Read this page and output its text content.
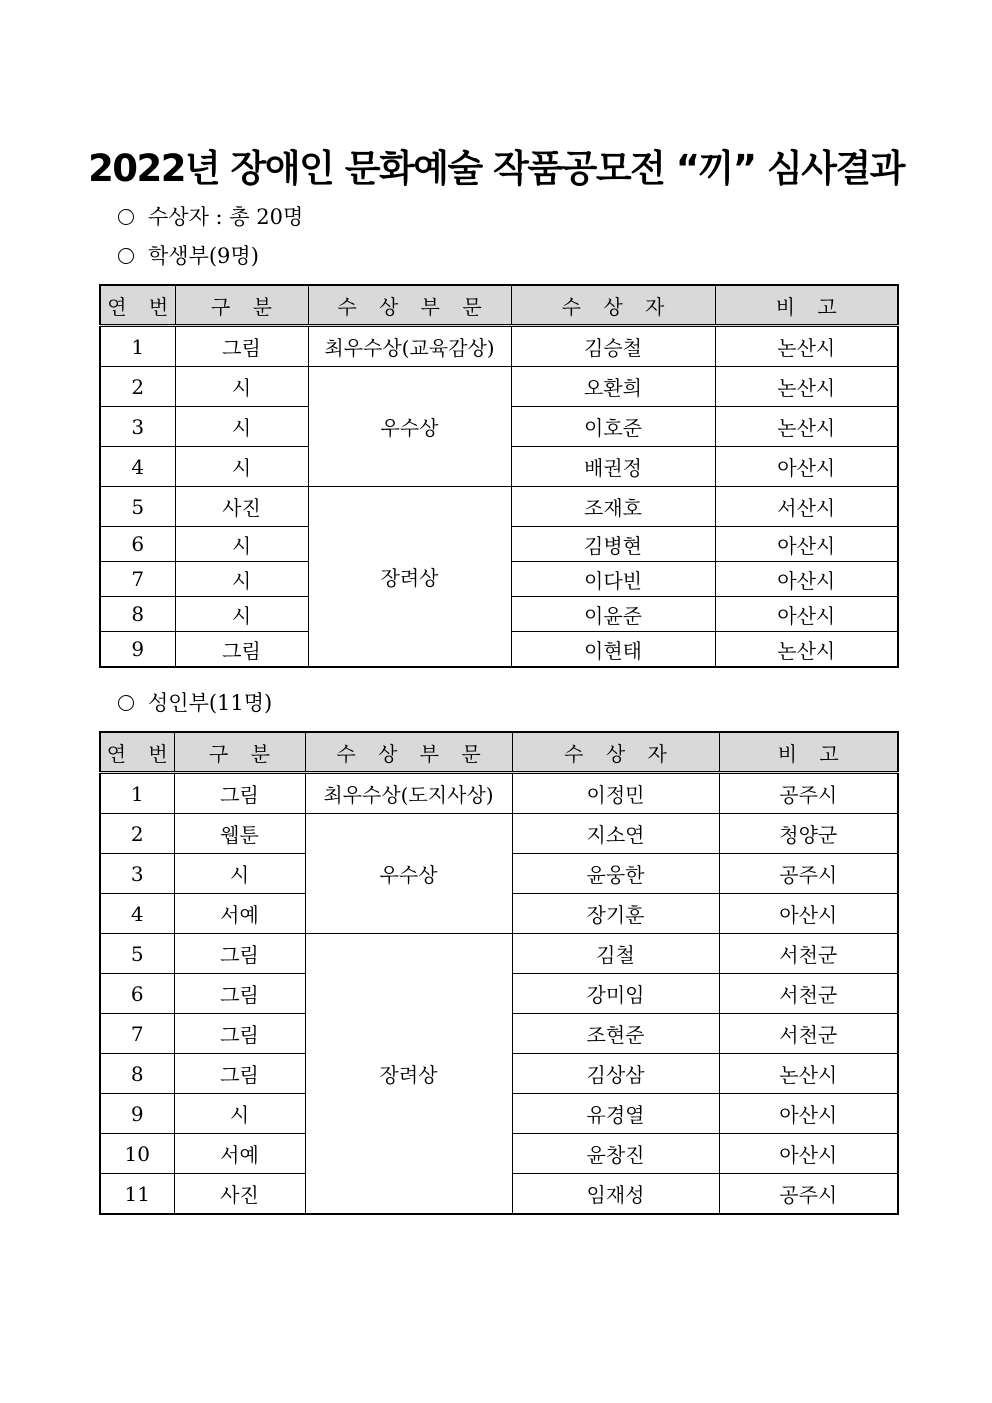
2022년 장애인 문화예술 작품공모전 “끼” 심사결과
수상자 : 총 20명
학생부(9명)
연 번	구 분	수 상 부 문	수 상 자	비 고
1	그림	최우수상(교육감상)	김승철	논산시
2	시	우수상	오환희	논산시
3	시		이호준	논산시
4	시		배권정	아산시
5	사진	장려상	조재호	서산시
6	시		김병현	아산시
7	시		이다빈	아산시
8	시		이윤준	아산시
9	그림		이현태	논산시
성인부(11명)
연 번	구 분	수 상 부 문	수 상 자	비 고
1	그림	최우수상(도지사상)	이정민	공주시
2	웹툰	우수상	지소연	청양군
3	시		윤웅한	공주시
4	서예		장기훈	아산시
5	그림	장려상	김철	서천군
6	그림		강미임	서천군
7	그림		조현준	서천군
8	그림		김상삼	논산시
9	시		유경열	아산시
10	서예		윤창진	아산시
11	사진		임재성	공주시
